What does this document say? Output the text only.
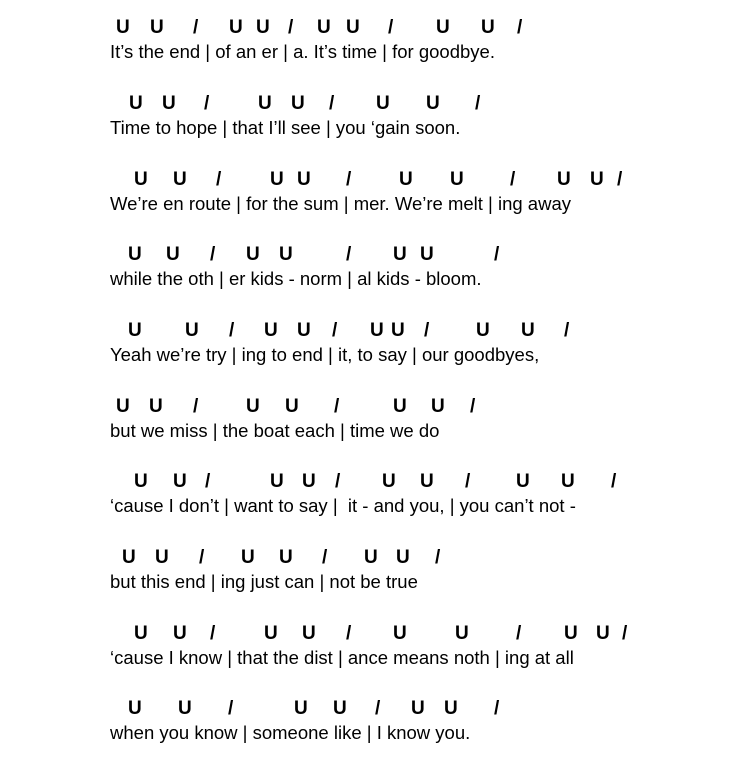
U U / U U / U U / U U /
It’s the end | of an er | a. It’s time | for goodbye.
U U /	U U / U U /
Time to hope | that I’ll see | you ‘gain soon.
U U /	U U /	U U / U U /
We’re en route | for the sum | mer. We’re melt | ing away
U U / U U	/ U U	/
while the oth | er kids - norm | al kids - bloom.
U U / U U / U U / U U /
Yeah we’re try | ing to end | it, to say | our goodbyes,
U U /	U U /	U U /
but we miss | the boat each | time we do
U U /	U U / U U / U U /
‘cause I don’t | want to say |  it - and you, | you can’t not -
U U / U U / U U /
but this end | ing just can | not be true
U U /	U U / U	U / U U /
‘cause I know | that the dist | ance means noth | ing at all
U U /	U U / U U /
when you know | someone like | I know you.
